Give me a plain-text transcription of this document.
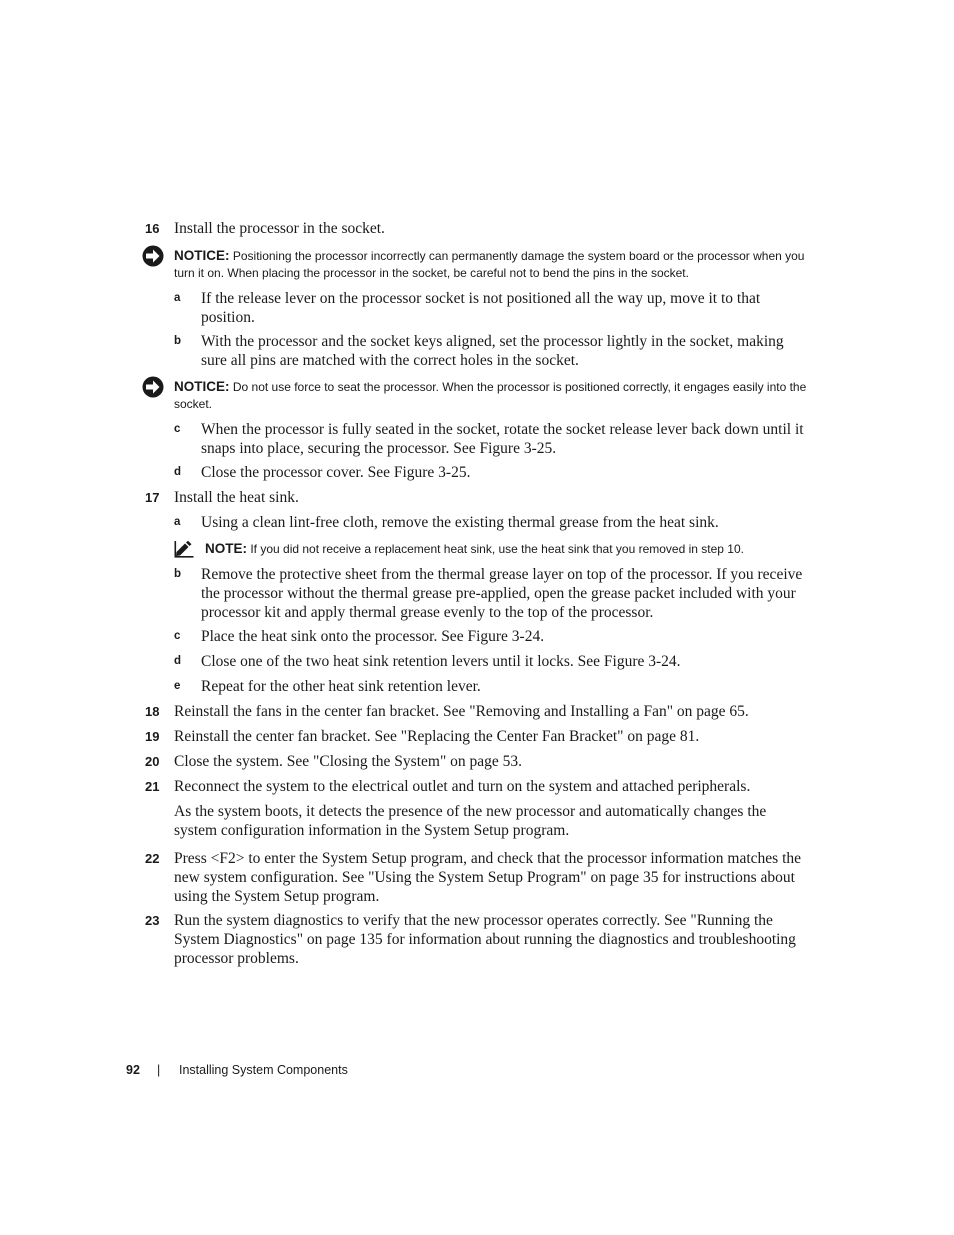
16 Install the processor in the socket.
NOTICE: Positioning the processor incorrectly can permanently damage the system board or the processor when you turn it on. When placing the processor in the socket, be careful not to bend the pins in the socket.
a If the release lever on the processor socket is not positioned all the way up, move it to that position.
b With the processor and the socket keys aligned, set the processor lightly in the socket, making sure all pins are matched with the correct holes in the socket.
NOTICE: Do not use force to seat the processor. When the processor is positioned correctly, it engages easily into the socket.
c When the processor is fully seated in the socket, rotate the socket release lever back down until it snaps into place, securing the processor. See Figure 3-25.
d Close the processor cover. See Figure 3-25.
17 Install the heat sink.
a Using a clean lint-free cloth, remove the existing thermal grease from the heat sink.
NOTE: If you did not receive a replacement heat sink, use the heat sink that you removed in step 10.
b Remove the protective sheet from the thermal grease layer on top of the processor. If you receive the processor without the thermal grease pre-applied, open the grease packet included with your processor kit and apply thermal grease evenly to the top of the processor.
c Place the heat sink onto the processor. See Figure 3-24.
d Close one of the two heat sink retention levers until it locks. See Figure 3-24.
e Repeat for the other heat sink retention lever.
18 Reinstall the fans in the center fan bracket. See "Removing and Installing a Fan" on page 65.
19 Reinstall the center fan bracket. See "Replacing the Center Fan Bracket" on page 81.
20 Close the system. See "Closing the System" on page 53.
21 Reconnect the system to the electrical outlet and turn on the system and attached peripherals.
As the system boots, it detects the presence of the new processor and automatically changes the system configuration information in the System Setup program.
22 Press <F2> to enter the System Setup program, and check that the processor information matches the new system configuration. See "Using the System Setup Program" on page 35 for instructions about using the System Setup program.
23 Run the system diagnostics to verify that the new processor operates correctly. See "Running the System Diagnostics" on page 135 for information about running the diagnostics and troubleshooting processor problems.
92 | Installing System Components
